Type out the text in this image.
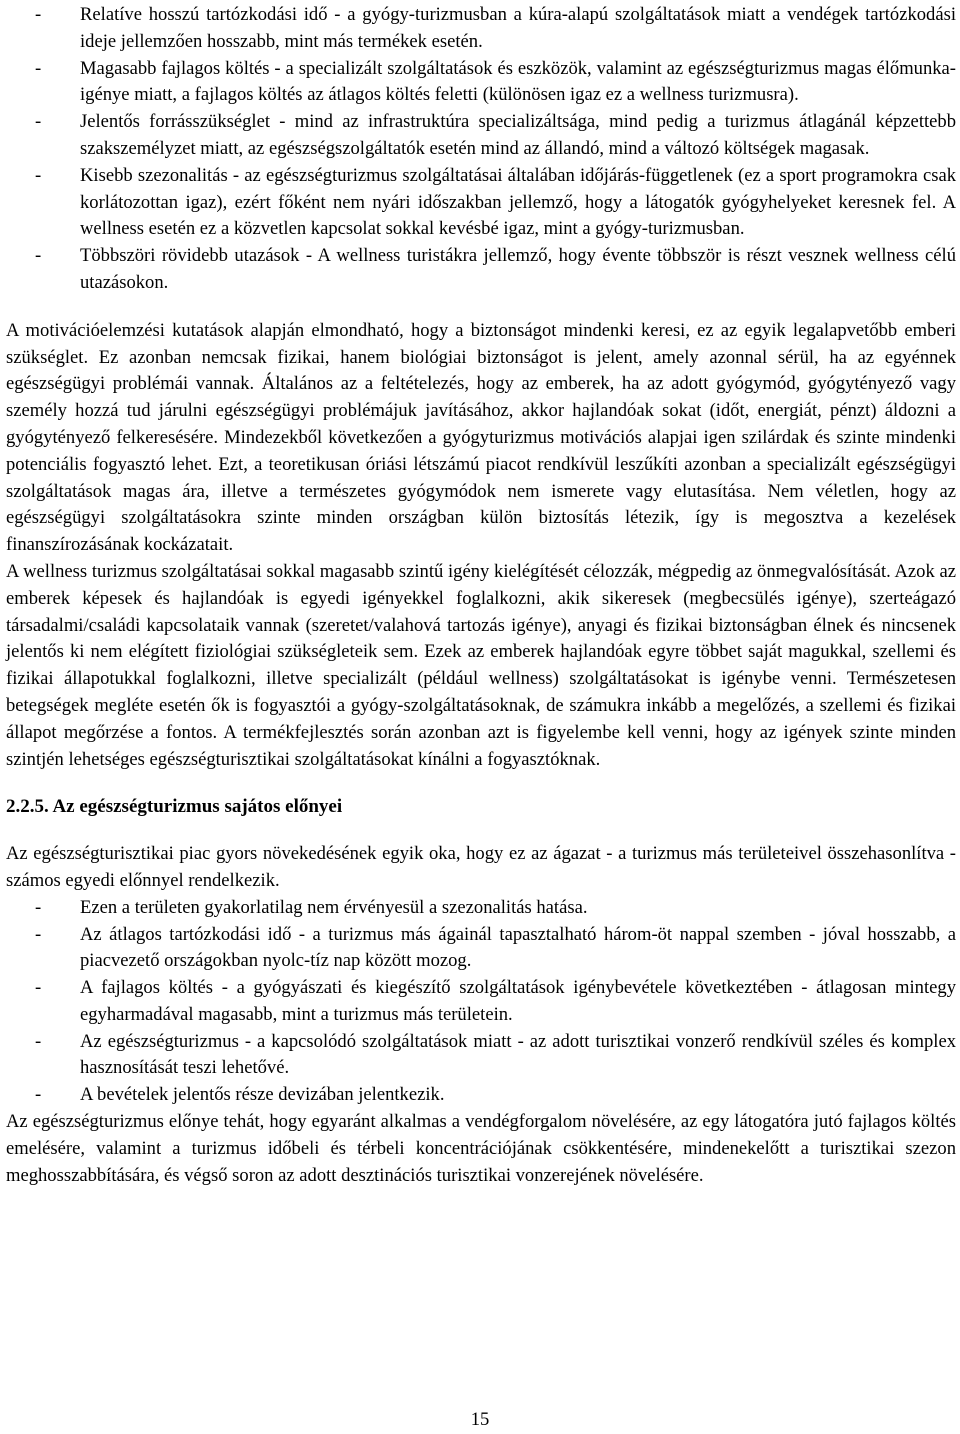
- Relatíve hosszú tartózkodási idő - a gyógy-turizmusban a kúra-alapú szolgáltatások miatt a vendégek tartózkodási ideje jellemzően hosszabb, mint más termékek esetén.
- Magasabb fajlagos költés - a specializált szolgáltatások és eszközök, valamint az egészségturizmus magas élőmunka-igénye miatt, a fajlagos költés az átlagos költés feletti (különösen igaz ez a wellness turizmusra).
- Jelentős forrásszükséglet - mind az infrastruktúra specializáltsága, mind pedig a turizmus átlagánál képzettebb szakszemélyzet miatt, az egészségszolgáltatók esetén mind az állandó, mind a változó költségek magasak.
- Kisebb szezonalitás - az egészségturizmus szolgáltatásai általában időjárás-függetlenek (ez a sport programokra csak korlátozottan igaz), ezért főként nem nyári időszakban jellemző, hogy a látogatók gyógyhelyeket keresnek fel. A wellness esetén ez a közvetlen kapcsolat sokkal kevésbé igaz, mint a gyógy-turizmusban.
- Többszöri rövidebb utazások - A wellness turistákra jellemző, hogy évente többször is részt vesznek wellness célú utazásokon.

A motivációelemzési kutatások alapján elmondható, hogy a biztonságot mindenki keresi, ez az egyik legalapvetőbb emberi szükséglet. Ez azonban nemcsak fizikai, hanem biológiai biztonságot is jelent, amely azonnal sérül, ha az egyénnek egészségügyi problémái vannak. Általános az a feltételezés, hogy az emberek, ha az adott gyógymód, gyógytényező vagy személy hozzá tud járulni egészségügyi problémájuk javításához, akkor hajlandóak sokat (időt, energiát, pénzt) áldozni a gyógytényező felkeresésére. Mindezekből következően a gyógyturizmus motivációs alapjai igen szilárdak és szinte mindenki potenciális fogyasztó lehet. Ezt, a teoretikusan óriási létszámú piacot rendkívül leszűkíti azonban a specializált egészségügyi szolgáltatások magas ára, illetve a természetes gyógymódok nem ismerete vagy elutasítása. Nem véletlen, hogy az egészségügyi szolgáltatásokra szinte minden országban külön biztosítás létezik, így is megosztva a kezelések finanszírozásának kockázatait.

A wellness turizmus szolgáltatásai sokkal magasabb szintű igény kielégítését célozzák, mégpedig az önmegvalósítását. Azok az emberek képesek és hajlandóak is egyedi igényekkel foglalkozni, akik sikeresek (megbecsülés igénye), szerteágazó társadalmi/családi kapcsolataik vannak (szeretet/valahová tartozás igénye), anyagi és fizikai biztonságban élnek és nincsenek jelentős ki nem elégített fiziológiai szükségleteik sem. Ezek az emberek hajlandóak egyre többet saját magukkal, szellemi és fizikai állapotukkal foglalkozni, illetve specializált (például wellness) szolgáltatásokat is igénybe venni. Természetesen betegségek megléte esetén ők is fogyasztói a gyógy-szolgáltatásoknak, de számukra inkább a megelőzés, a szellemi és fizikai állapot megőrzése a fontos. A termékfejlesztés során azonban azt is figyelembe kell venni, hogy az igények szinte minden szintjén lehetséges egészségturisztikai szolgáltatásokat kínálni a fogyasztóknak.

2.2.5. Az egészségturizmus sajátos előnyei

Az egészségturisztikai piac gyors növekedésének egyik oka, hogy ez az ágazat - a turizmus más területeivel összehasonlítva - számos egyedi előnnyel rendelkezik.

- Ezen a területen gyakorlatilag nem érvényesül a szezonalitás hatása.
- Az átlagos tartózkodási idő - a turizmus más ágainál tapasztalható három-öt nappal szemben - jóval hosszabb, a piacvezető országokban nyolc-tíz nap között mozog.
- A fajlagos költés - a gyógyászati és kiegészítő szolgáltatások igénybevétele következtében - átlagosan mintegy egyharmadával magasabb, mint a turizmus más területein.
- Az egészségturizmus - a kapcsolódó szolgáltatások miatt - az adott turisztikai vonzerő rendkívül széles és komplex hasznosítását teszi lehetővé.
- A bevételek jelentős része devizában jelentkezik.

Az egészségturizmus előnye tehát, hogy egyaránt alkalmas a vendégforgalom növelésére, az egy látogatóra jutó fajlagos költés emelésére, valamint a turizmus időbeli és térbeli koncentrációjának csökkentésére, mindenekelőtt a turisztikai szezon meghosszabbítására, és végső soron az adott desztinációs turisztikai vonzerejének növelésére.

15
